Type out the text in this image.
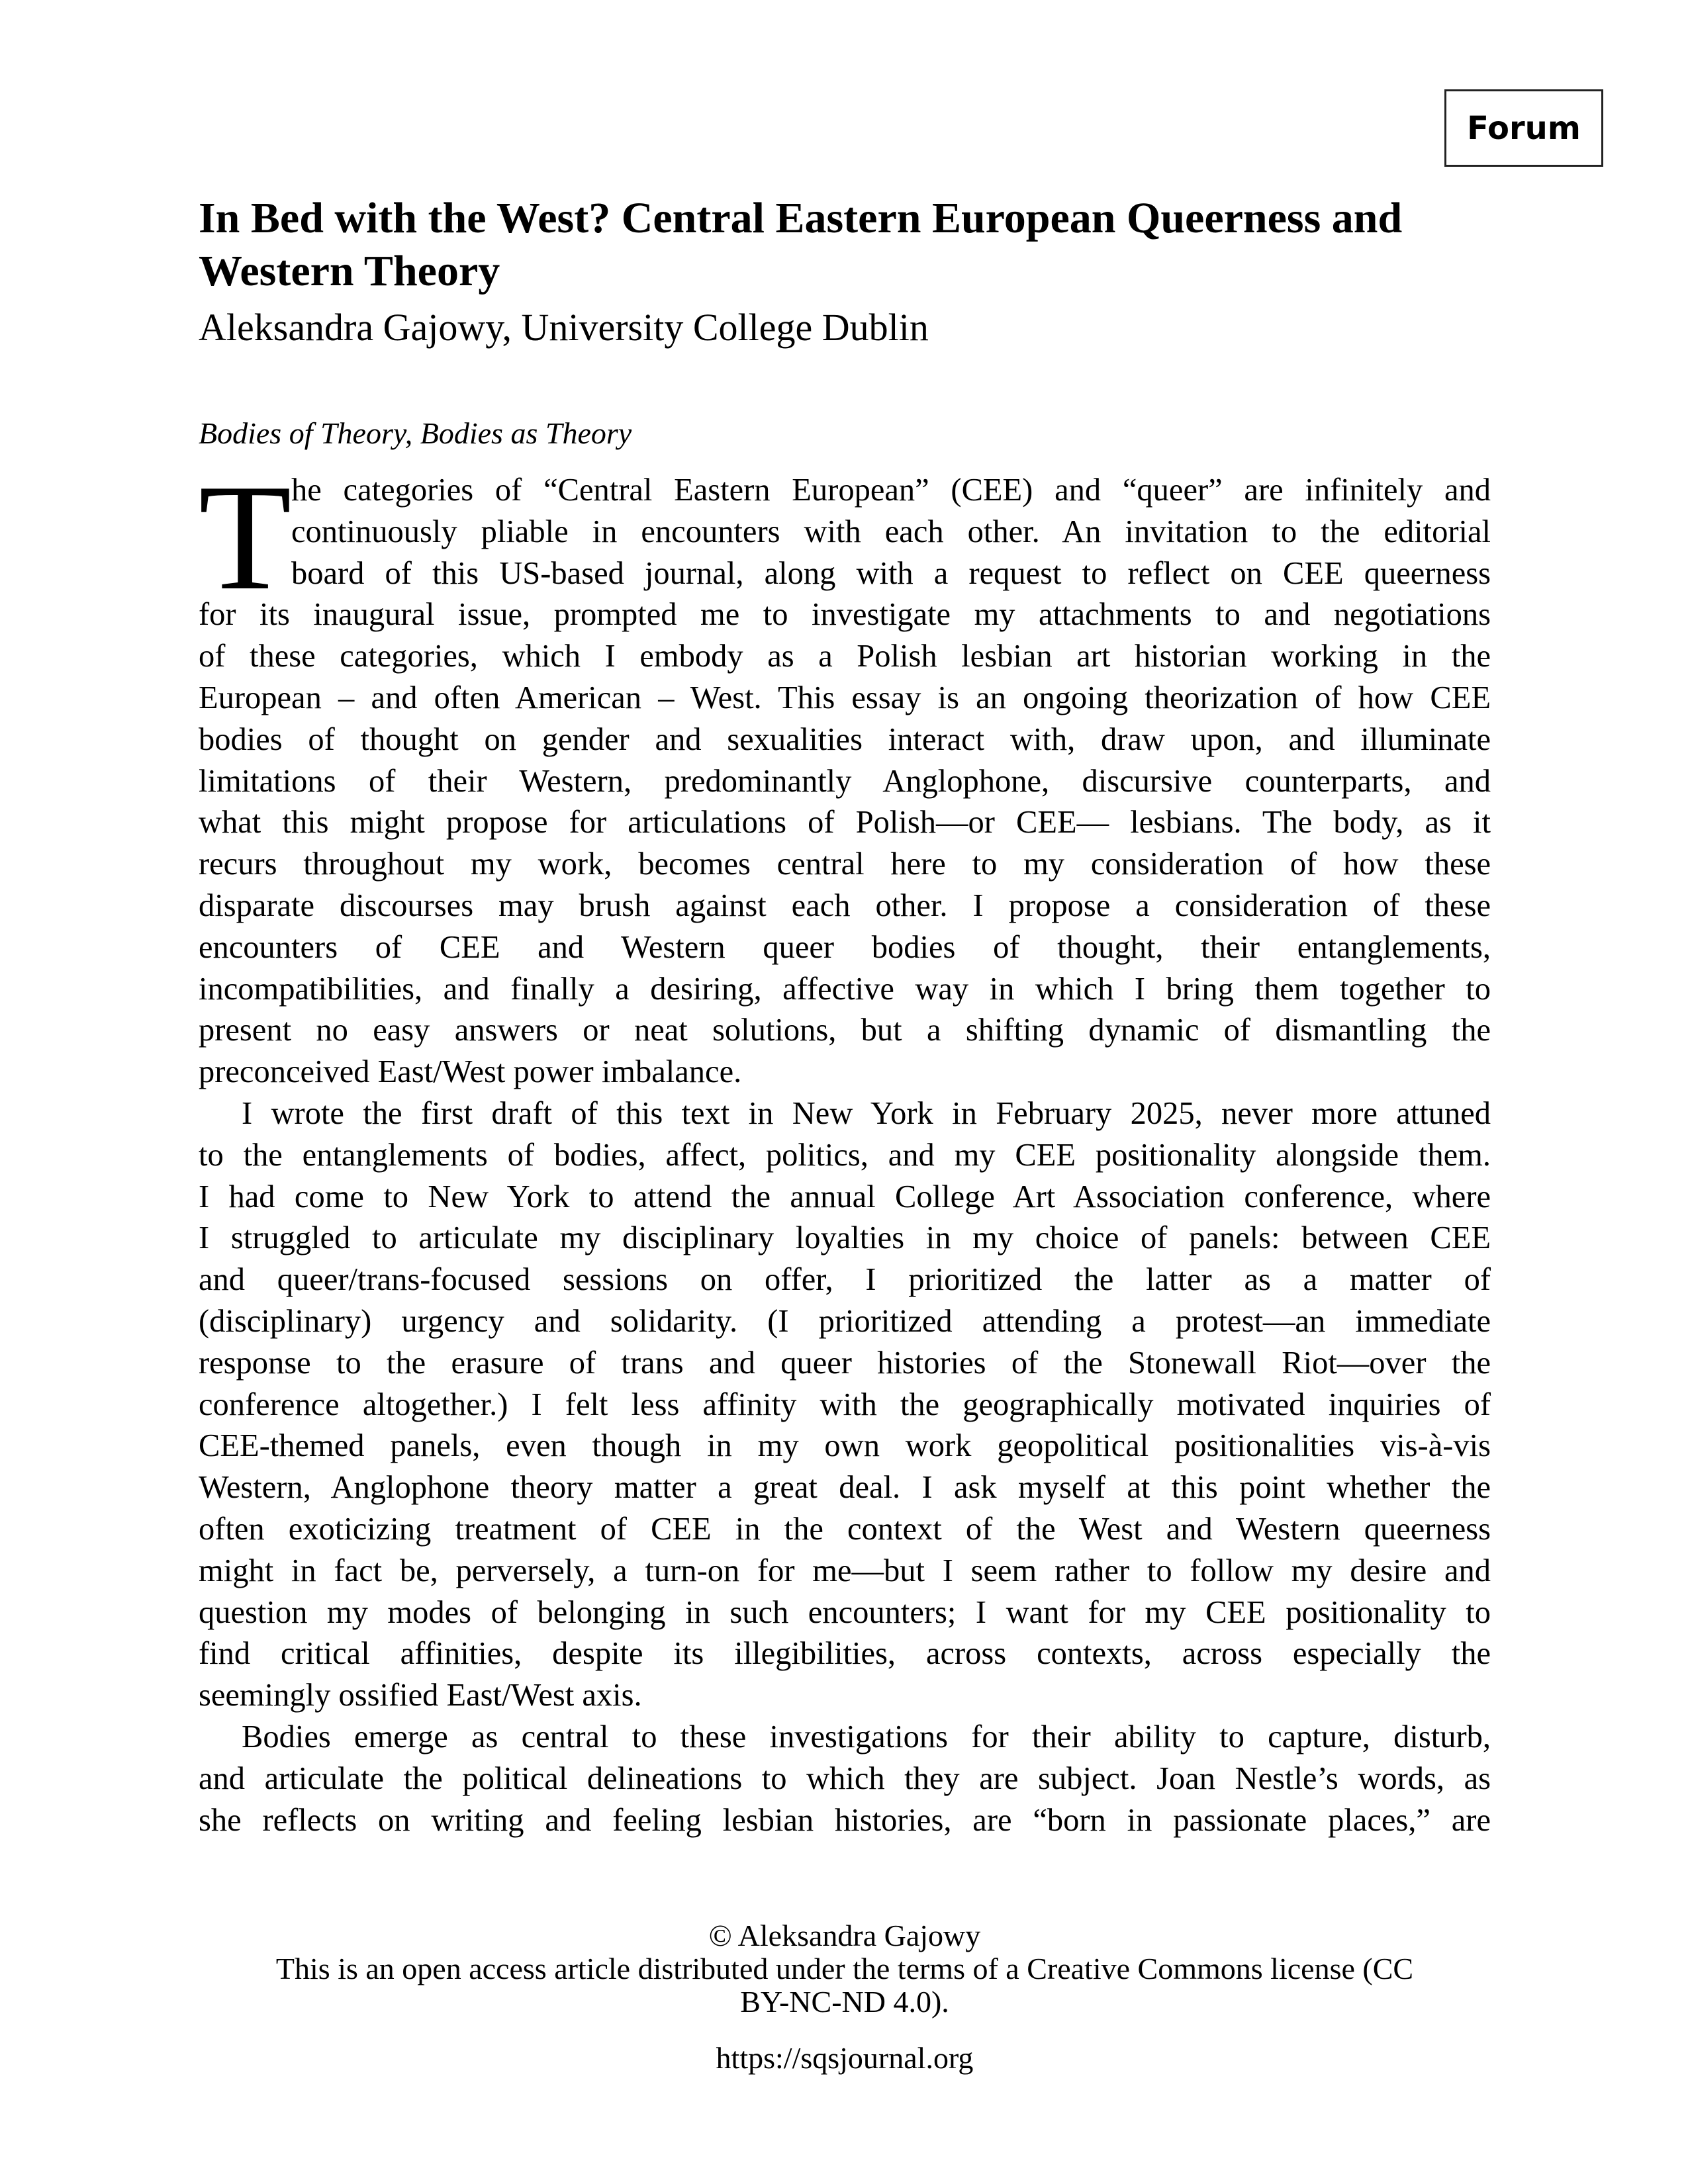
Forum
In Bed with the West? Central Eastern European Queerness and Western Theory
Aleksandra Gajowy, University College Dublin
Bodies of Theory, Bodies as Theory
T he categories of “Central Eastern European” (CEE) and “queer” are infinitely and
continuously pliable in encounters with each other. An invitation to the editorial
board of this US-based journal, along with a request to reflect on CEE queerness
for its inaugural issue, prompted me to investigate my attachments to and negotiations
of these categories, which I embody as a Polish lesbian art historian working in the
European – and often American – West. This essay is an ongoing theorization of how CEE
bodies of thought on gender and sexualities interact with, draw upon, and illuminate
limitations of their Western, predominantly Anglophone, discursive counterparts, and
what this might propose for articulations of Polish—or CEE— lesbians. The body, as it
recurs throughout my work, becomes central here to my consideration of how these
disparate discourses may brush against each other. I propose a consideration of these
encounters of CEE and Western queer bodies of thought, their entanglements,
incompatibilities, and finally a desiring, affective way in which I bring them together to
present no easy answers or neat solutions, but a shifting dynamic of dismantling the
preconceived East/West power imbalance.
I wrote the first draft of this text in New York in February 2025, never more attuned
to the entanglements of bodies, affect, politics, and my CEE positionality alongside them.
I had come to New York to attend the annual College Art Association conference, where
I struggled to articulate my disciplinary loyalties in my choice of panels: between CEE
and queer/trans-focused sessions on offer, I prioritized the latter as a matter of
(disciplinary) urgency and solidarity. (I prioritized attending a protest—an immediate
response to the erasure of trans and queer histories of the Stonewall Riot—over the
conference altogether.) I felt less affinity with the geographically motivated inquiries of
CEE-themed panels, even though in my own work geopolitical positionalities vis-à-vis
Western, Anglophone theory matter a great deal. I ask myself at this point whether the
often exoticizing treatment of CEE in the context of the West and Western queerness
might in fact be, perversely, a turn-on for me—but I seem rather to follow my desire and
question my modes of belonging in such encounters; I want for my CEE positionality to
find critical affinities, despite its illegibilities, across contexts, across especially the
seemingly ossified East/West axis.
Bodies emerge as central to these investigations for their ability to capture, disturb,
and articulate the political delineations to which they are subject. Joan Nestle’s words, as
she reflects on writing and feeling lesbian histories, are “born in passionate places,” are
© Aleksandra Gajowy
This is an open access article distributed under the terms of a Creative Commons license (CC
BY-NC-ND 4.0).
https://sqsjournal.org
